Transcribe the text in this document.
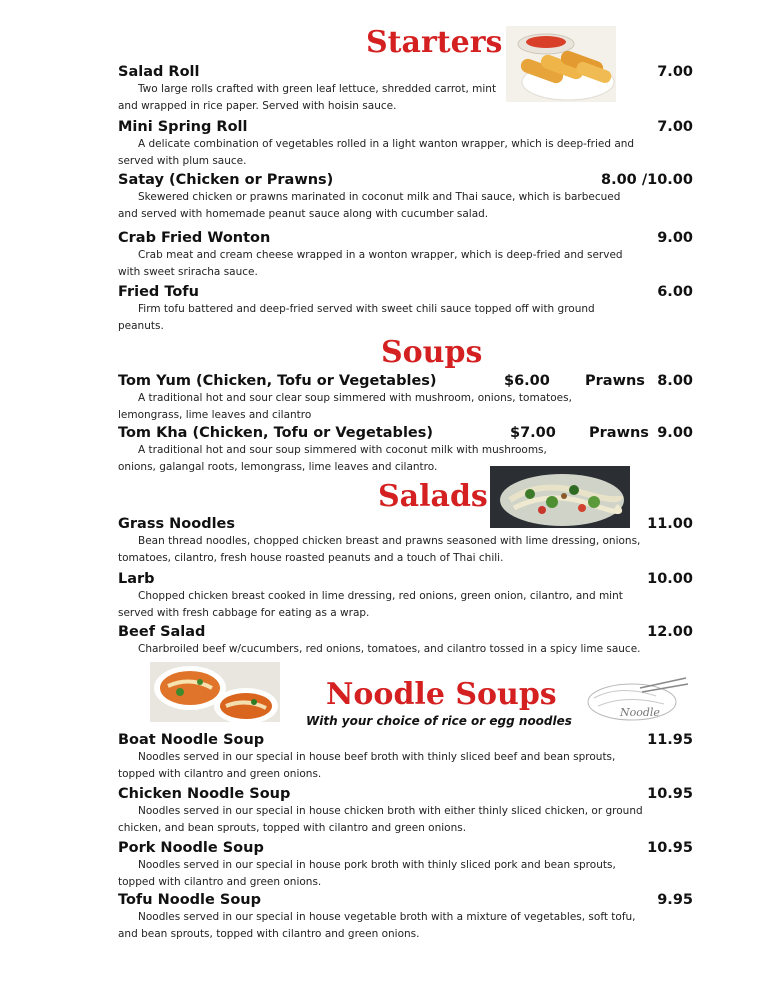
Starters
Salad Roll	7.00
Two large rolls crafted with green leaf lettuce, shredded carrot, mint and wrapped in rice paper. Served with hoisin sauce.
Mini Spring Roll	7.00
A delicate combination of vegetables rolled in a light wanton wrapper, which is deep-fried and served with plum sauce.
Satay (Chicken or Prawns)	8.00 / 10.00
Skewered chicken or prawns marinated in coconut milk and Thai sauce, which is barbecued and served with homemade peanut sauce along with cucumber salad.
Crab Fried Wonton	9.00
Crab meat and cream cheese wrapped in a wonton wrapper, which is deep-fried and served with sweet sriracha sauce.
Fried Tofu	6.00
Firm tofu battered and deep-fried served with sweet chili sauce topped off with ground peanuts.
Soups
Tom Yum (Chicken, Tofu or Vegetables)	$6.00 Prawns 8.00
A traditional hot and sour clear soup simmered with mushroom, onions, tomatoes, lemongrass, lime leaves and cilantro
Tom Kha (Chicken, Tofu or Vegetables)	$7.00 Prawns 9.00
A traditional hot and sour soup simmered with coconut milk with mushrooms, onions, galangal roots, lemongrass, lime leaves and cilantro.
Salads
Grass Noodles	11.00
Bean thread noodles, chopped chicken breast and prawns seasoned with lime dressing, onions, tomatoes, cilantro, fresh house roasted peanuts and a touch of Thai chili.
Larb	10.00
Chopped chicken breast cooked in lime dressing, red onions, green onion, cilantro, and mint served with fresh cabbage for eating as a wrap.
Beef Salad	12.00
Charbroiled beef w/cucumbers, red onions, tomatoes, and cilantro tossed in a spicy lime sauce.
Noodle Soups
With your choice of rice or egg noodles
Noodle
Boat Noodle Soup	11.95
Noodles served in our special in house beef broth with thinly sliced beef and bean sprouts, topped with cilantro and green onions.
Chicken Noodle Soup	10.95
Noodles served in our special in house chicken broth with either thinly sliced chicken, or ground chicken, and bean sprouts, topped with cilantro and green onions.
Pork Noodle Soup	10.95
Noodles served in our special in house pork broth with thinly sliced pork and bean sprouts, topped with cilantro and green onions.
Tofu Noodle Soup	9.95
Noodles served in our special in house vegetable broth with a mixture of vegetables, soft tofu, and bean sprouts, topped with cilantro and green onions.
